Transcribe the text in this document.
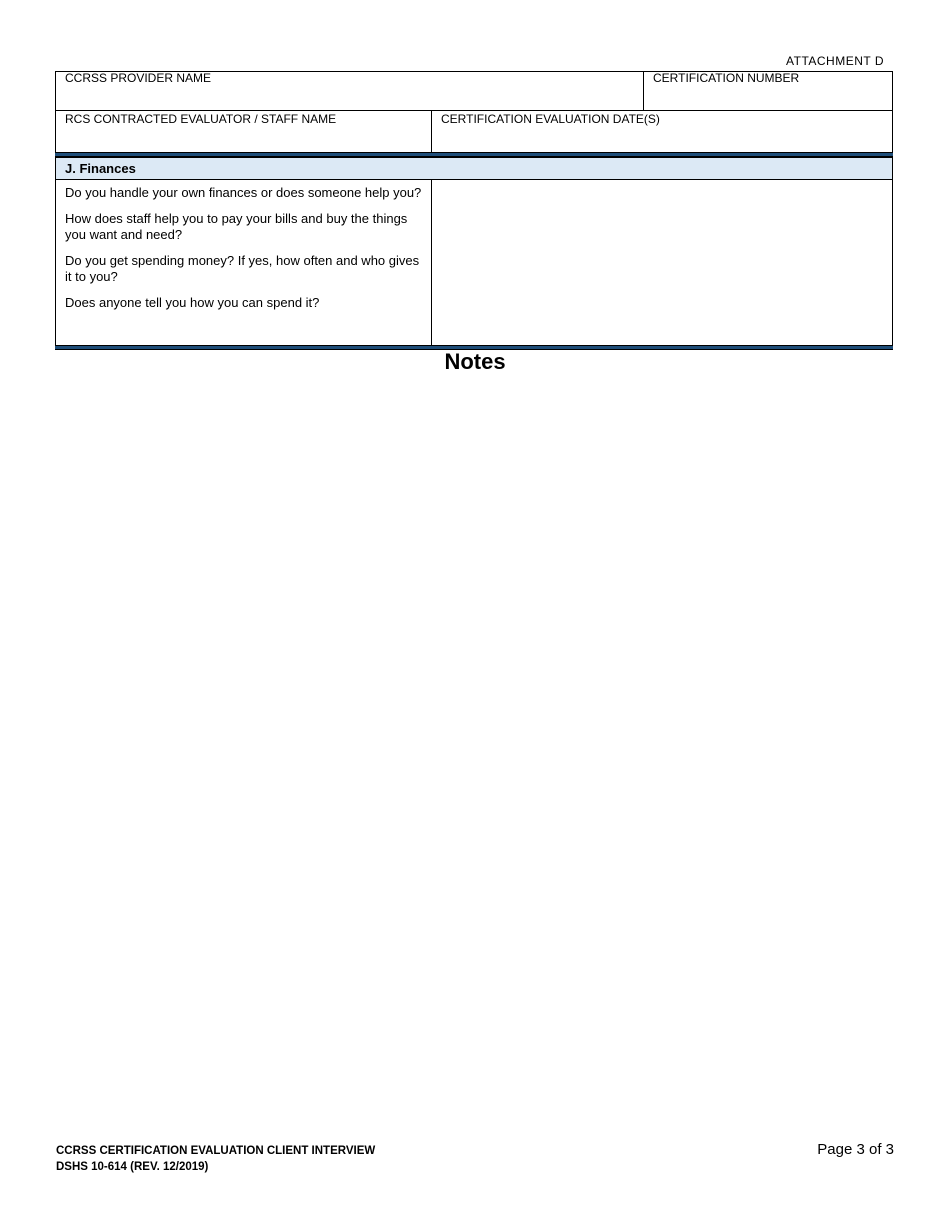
ATTACHMENT D
CCRSS PROVIDER NAME	CERTIFICATION NUMBER
RCS CONTRACTED EVALUATOR / STAFF NAME	CERTIFICATION EVALUATION DATE(S)
J. Finances
Do you handle your own finances or does someone help you?
How does staff help you to pay your bills and buy the things you want and need?
Do you get spending money? If yes, how often and who gives it to you?
Does anyone tell you how you can spend it?
Notes
CCRSS CERTIFICATION EVALUATION CLIENT INTERVIEW
DSHS 10-614 (REV. 12/2019)
Page 3 of 3
